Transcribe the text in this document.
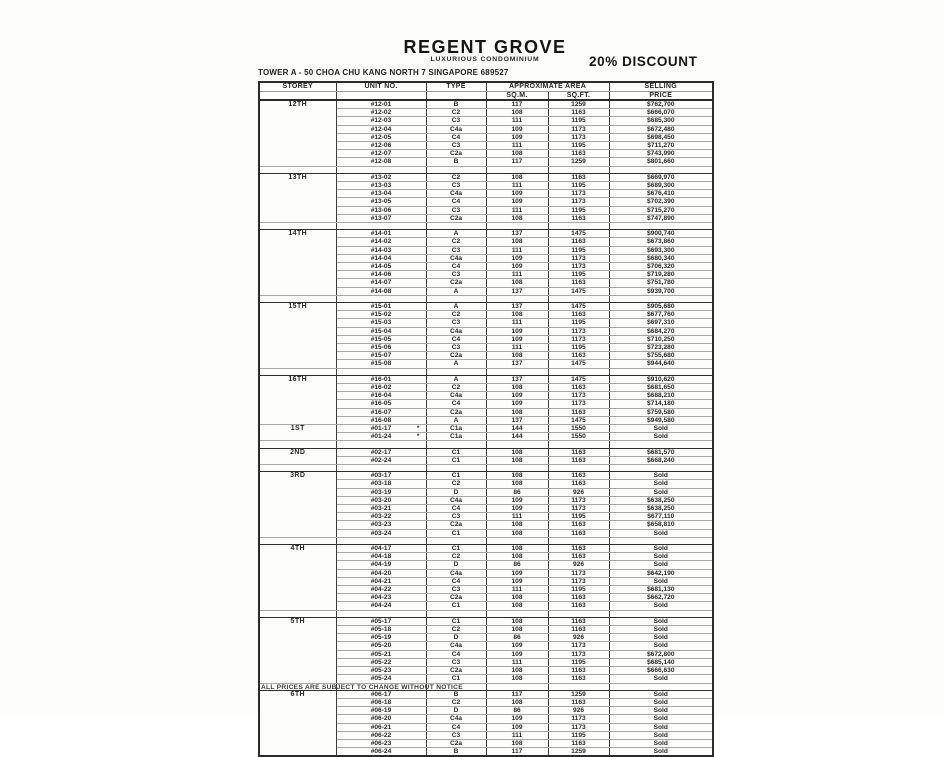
REGENT GROVE
LUXURIOUS CONDOMINIUM	20% DISCOUNT
TOWER A - 50 CHOA CHU KANG NORTH 7 SINGAPORE 689527
STOREY	UNIT NO.	TYPE	APPROXIMATE AREA		SELLING
			SQ.M.	SQ.FT.	PRICE
12TH	#12-01	B	117	1259	$762,700
	#12-02	C2	108	1163	$666,070
	#12-03	C3	111	1195	$685,300
	#12-04	C4a	109	1173	$672,480
	#12-05	C4	109	1173	$698,450
	#12-06	C3	111	1195	$711,270
	#12-07	C2a	108	1163	$743,990
	#12-08	B	117	1259	$801,660

13TH	#13-02	C2	108	1163	$669,970
	#13-03	C3	111	1195	$689,300
	#13-04	C4a	109	1173	$676,410
	#13-05	C4	109	1173	$702,390
	#13-06	C3	111	1195	$715,270
	#13-07	C2a	108	1163	$747,890

14TH	#14-01	A	137	1475	$900,740
	#14-02	C2	108	1163	$673,860
	#14-03	C3	111	1195	$693,300
	#14-04	C4a	109	1173	$680,340
	#14-05	C4	109	1173	$706,320
	#14-06	C3	111	1195	$719,280
	#14-07	C2a	108	1163	$751,780
	#14-08	A	137	1475	$939,700

15TH	#15-01	A	137	1475	$905,680
	#15-02	C2	108	1163	$677,760
	#15-03	C3	111	1195	$697,310
	#15-04	C4a	109	1173	$684,270
	#15-05	C4	109	1173	$710,250
	#15-06	C3	111	1195	$723,280
	#15-07	C2a	108	1163	$755,680
	#15-08	A	137	1475	$944,640

16TH	#16-01	A	137	1475	$910,620
	#16-02	C2	108	1163	$681,650
	#16-04	C4a	109	1173	$688,210
	#16-05	C4	109	1173	$714,180
	#16-07	C2a	108	1163	$759,580
	#16-08	A	137	1475	$949,580
1ST	#01-17 *	C1a	144	1550	Sold
	#01-24 *	C1a	144	1550	Sold

2ND	#02-17	C1	108	1163	$681,570
	#02-24	C1	108	1163	$668,240

3RD	#03-17	C1	108	1163	Sold
	#03-18	C2	108	1163	Sold
	#03-19	D	86	926	Sold
	#03-20	C4a	109	1173	$638,250
	#03-21	C4	109	1173	$638,250
	#03-22	C3	111	1195	$677,110
	#03-23	C2a	108	1163	$658,810
	#03-24	C1	108	1163	Sold

4TH	#04-17	C1	108	1163	Sold
	#04-18	C2	108	1163	Sold
	#04-19	D	86	926	Sold
	#04-20	C4a	109	1173	$642,190
	#04-21	C4	109	1173	Sold
	#04-22	C3	111	1195	$681,130
	#04-23	C2a	108	1163	$662,720
	#04-24	C1	108	1163	Sold

5TH	#05-17	C1	108	1163	Sold
	#05-18	C2	108	1163	Sold
	#05-19	D	86	926	Sold
	#05-20	C4a	109	1173	Sold
	#05-21	C4	109	1173	$672,800
	#05-22	C3	111	1195	$685,140
	#05-23	C2a	108	1163	$666,630
	#05-24	C1	108	1163	Sold

6TH	#06-17	B	117	1259	Sold
	#06-18	C2	108	1163	Sold
	#06-19	D	86	926	Sold
	#06-20	C4a	109	1173	Sold
	#06-21	C4	109	1173	Sold
	#06-22	C3	111	1195	Sold
	#06-23	C2a	108	1163	Sold
	#06-24	B	117	1259	Sold
ALL PRICES ARE SUBJECT TO CHANGE WITHOUT NOTICE
